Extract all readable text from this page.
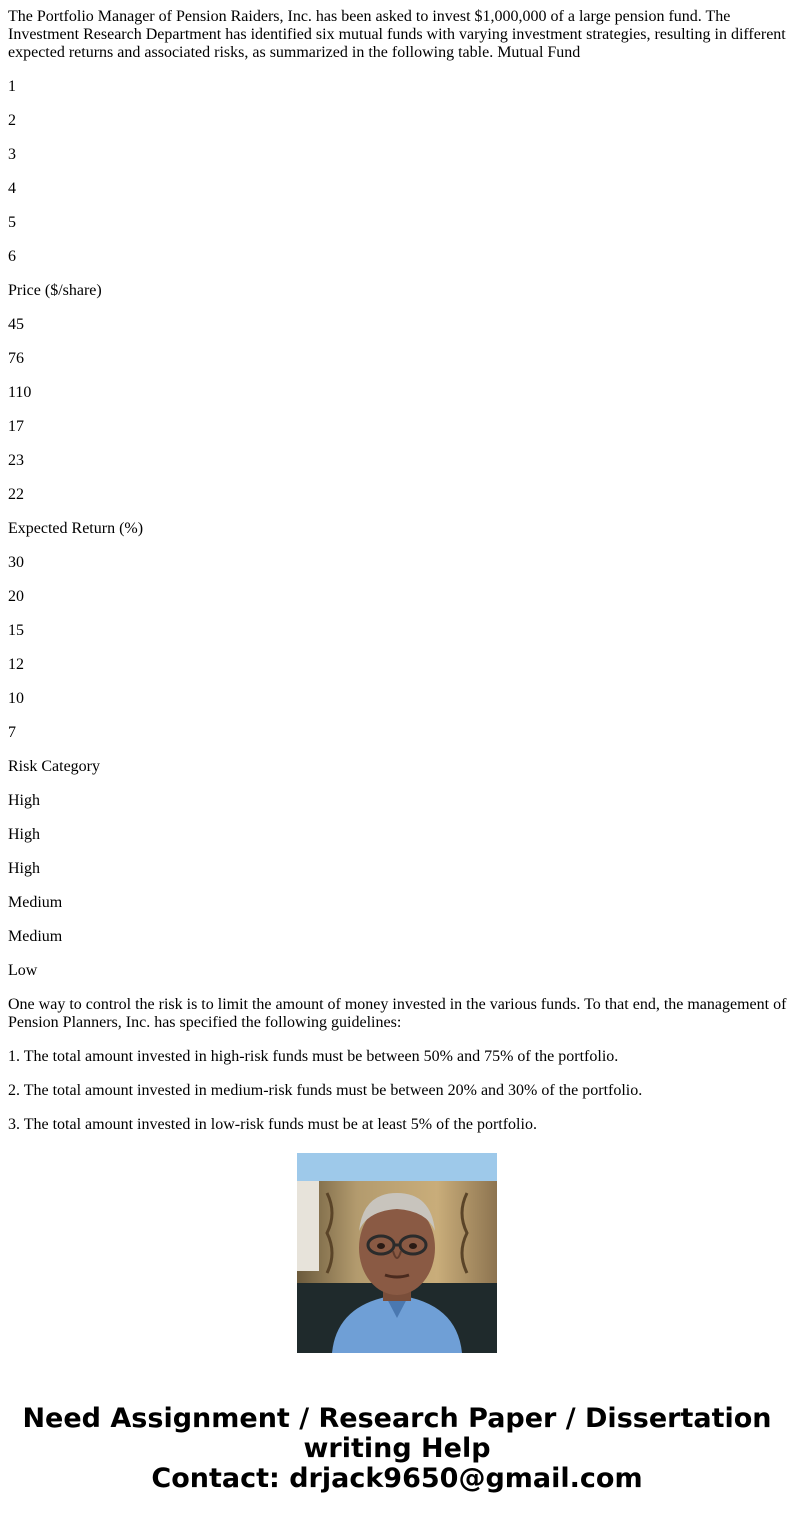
The Portfolio Manager of Pension Raiders, Inc. has been asked to invest $1,000,000 of a large pension fund. The Investment Research Department has identified six mutual funds with varying investment strategies, resulting in different expected returns and associated risks, as summarized in the following table. Mutual Fund

1

2

3

4

5

6

Price ($/share)

45

76

110

17

23

22

Expected Return (%)

30

20

15

12

10

7

Risk Category

High

High

High

Medium

Medium

Low

One way to control the risk is to limit the amount of money invested in the various funds. To that end, the management of Pension Planners, Inc. has specified the following guidelines:

1. The total amount invested in high-risk funds must be between 50% and 75% of the portfolio.

2. The total amount invested in medium-risk funds must be between 20% and 30% of the portfolio.

3. The total amount invested in low-risk funds must be at least 5% of the portfolio.

Need Assignment / Research Paper / Dissertation
writing Help
Contact: drjack9650@gmail.com
